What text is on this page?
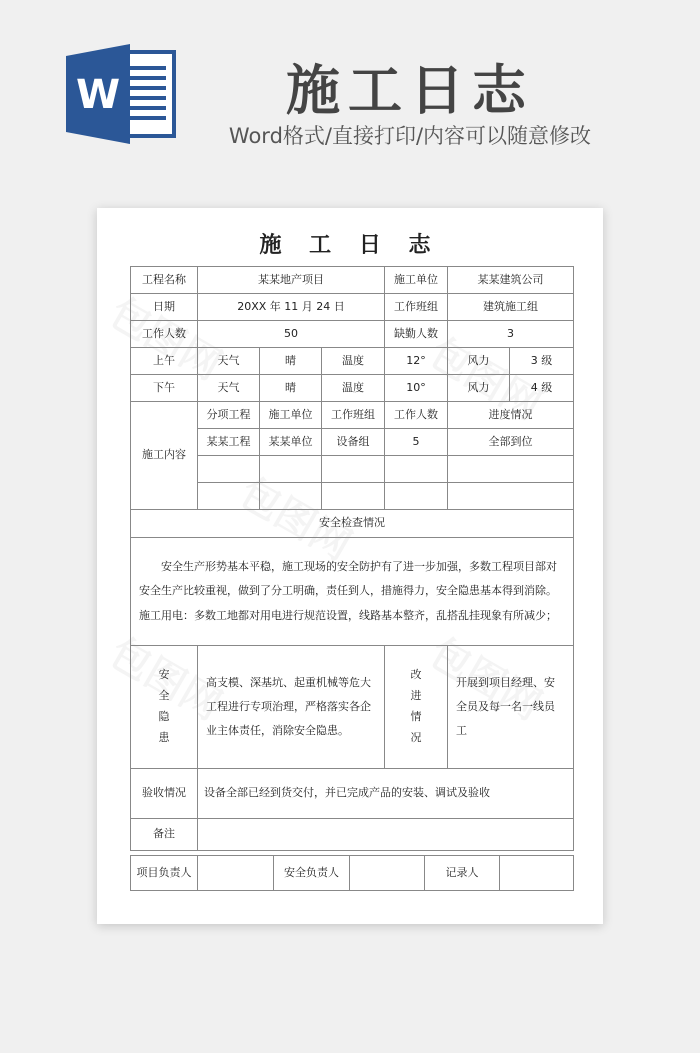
W	施工日志
Word格式/直接打印/内容可以随意修改
施 工 日 志
工程名称	某某地产项目			施工单位	某某建筑公司	
日期	20XX 年 11 月 24 日			工作班组	建筑施工组	
工作人数	50			缺勤人数	3	
上午	天气	晴	温度	12°	风力	3 级
下午	天气	晴	温度	10°	风力	4 级
施工内容	分项工程	施工单位	工作班组	工作人数	进度情况	
	某某工程	某某单位	设备组	5	全部到位	

安全检查情况						
安全生产形势基本平稳，施工现场的安全防护有了进一步加强，多数工程项目部对安全生产比较重视，做到了分工明确，责任到人，措施得力，安全隐患基本得到消除。施工用电：多数工地都对用电进行规范设置，线路基本整齐，乱搭乱挂现象有所减少；						

安全隐患	高支模、深基坑、起重机械等危大工程进行专项治理，严格落实各企业主体责任，消除安全隐患。			改进情况	开展到项目经理、安全员及每一名一线员工	
验收情况	设备全部已经到货交付，并已完成产品的安装、调试及验收					
备注						
项目负责人		安全负责人		记录人	
